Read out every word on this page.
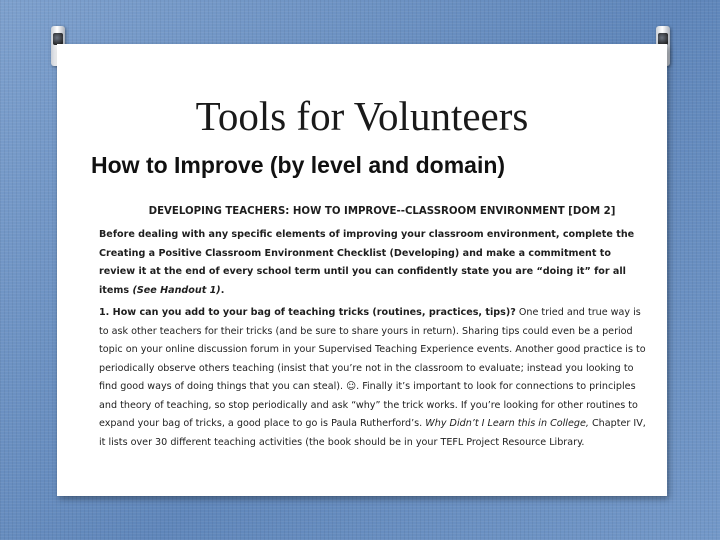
Tools for Volunteers
How to Improve (by level and domain)
DEVELOPING TEACHERS: HOW TO IMPROVE--CLASSROOM ENVIRONMENT [DOM 2]

Before dealing with any specific elements of improving your classroom environment, complete the Creating a Positive Classroom Environment Checklist (Developing) and make a commitment to review it at the end of every school term until you can confidently state you are “doing it” for all items (See Handout 1).

1. How can you add to your bag of teaching tricks (routines, practices, tips)? One tried and true way is to ask other teachers for their tricks (and be sure to share yours in return). Sharing tips could even be a period topic on your online discussion forum in your Supervised Teaching Experience events. Another good practice is to periodically observe others teaching (insist that you’re not in the classroom to evaluate; instead you looking to find good ways of doing things that you can steal). ☺. Finally it’s important to look for connections to principles and theory of teaching, so stop periodically and ask “why” the trick works. If you’re looking for other routines to expand your bag of tricks, a good place to go is Paula Rutherford’s. Why Didn’t I Learn this in College, Chapter IV, it lists over 30 different teaching activities (the book should be in your TEFL Project Resource Library.
